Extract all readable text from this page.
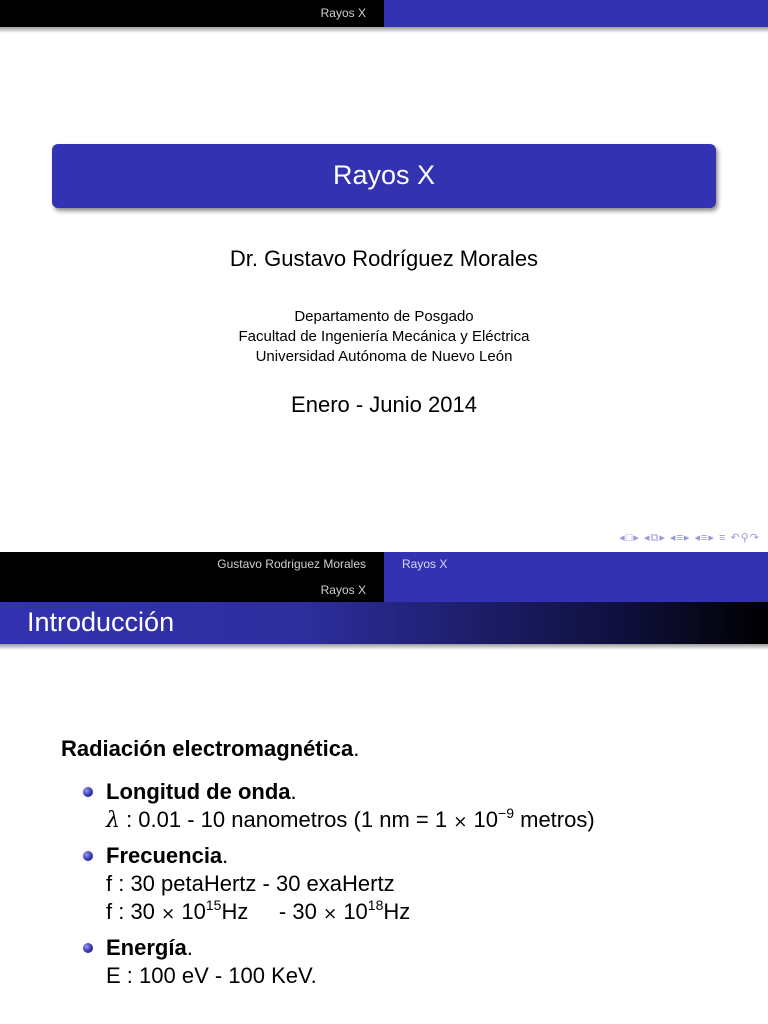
Rayos X
Rayos X
Dr. Gustavo Rodríguez Morales
Departamento de Posgado
Facultad de Ingeniería Mecánica y Eléctrica
Universidad Autónoma de Nuevo León
Enero - Junio 2014
◂□▸ ◂⧉▸ ◂≡▸ ◂≡▸ ≡ ↶⚲↷
Gustavo Rodriguez Morales
Rayos X
Rayos X
Introducción
Radiación electromagnética.
Longitud de onda.
λ : 0.01 - 10 nanometros (1 nm = $1 \times 10^{-9}$ metros)
Frecuencia.
f : 30 petaHertz - 30 exaHertz
f : $30 \times 10^{15}Hz$     - $30 \times 10^{18}Hz$
Energía.
E : 100 eV - 100 KeV.
